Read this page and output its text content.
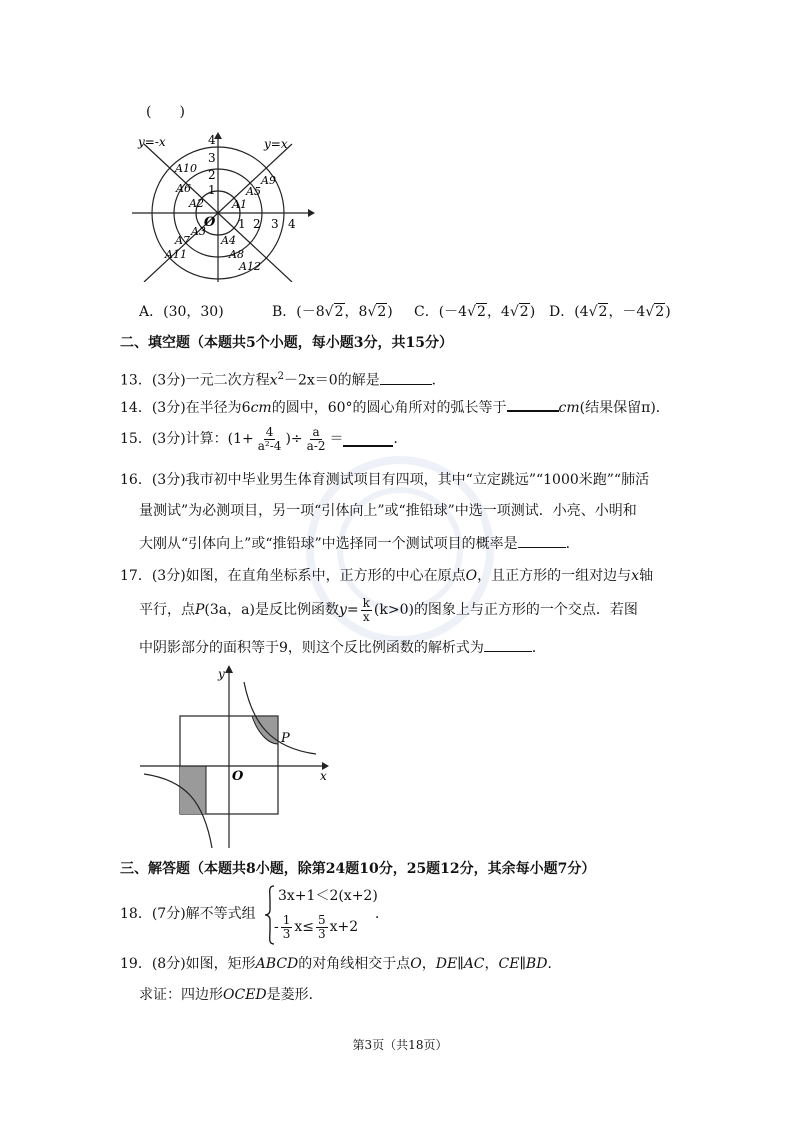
(　　)
y=-x	y=x
4
3
2
1
1 2 3 4
O
A10
A6
A2
A3
A7
A11
A9
A5
A1
A4
A8
A12
A．(30，30)	B．(－8√2，8√2) C．(－4√2，4√2) D．(4√2，－4√2)
二、填空题（本题共5个小题，每小题3分，共15分）
13．(3分)一元二次方程$x^2-2x=0$的解是	．
14．(3分)在半径为6cm的圆中，60°的圆心角所对的弧长等于	cm(结果保留π)．
15． (3分) 计算： ($1+ \frac{4}{\text{a²-4}}$ )÷ $\frac{a}{a-2}$ ＝	．
16．(3分)我市初中毕业男生体育测试项目有四项，其中“立定跳远”“1000米跑”“肺活
量测试”为必测项目，另一项“引体向上”或“推铅球”中选一项测试．小亮、小明和
大刚从“引体向上”或“推铅球”中选择同一个测试项目的概率是	．
17．(3分)如图，在直角坐标系中，正方形的中心在原点O，且正方形的一组对边与x轴
平行，点 P (3a，a) 是反比例函数 $y = \frac{k}{x} (k>0)$ 的图象上与正方形的一个交点．若图
中阴影部分的面积等于9，则这个反比例函数的解析式为	．
y
x
O
P
三、解答题（本题共8小题，除第24题10分，25题12分，其余每小题7分）
18．(7分)解不等式组
3x+1＜2(x+2)
- $\frac{1}{3} x\le \frac{5}{3} x+2$
．
19．(8分)如图，矩形ABCD的对角线相交于点O，DE∥AC，CE∥BD．
求证：四边形OCED是菱形．
第3页（共18页）
